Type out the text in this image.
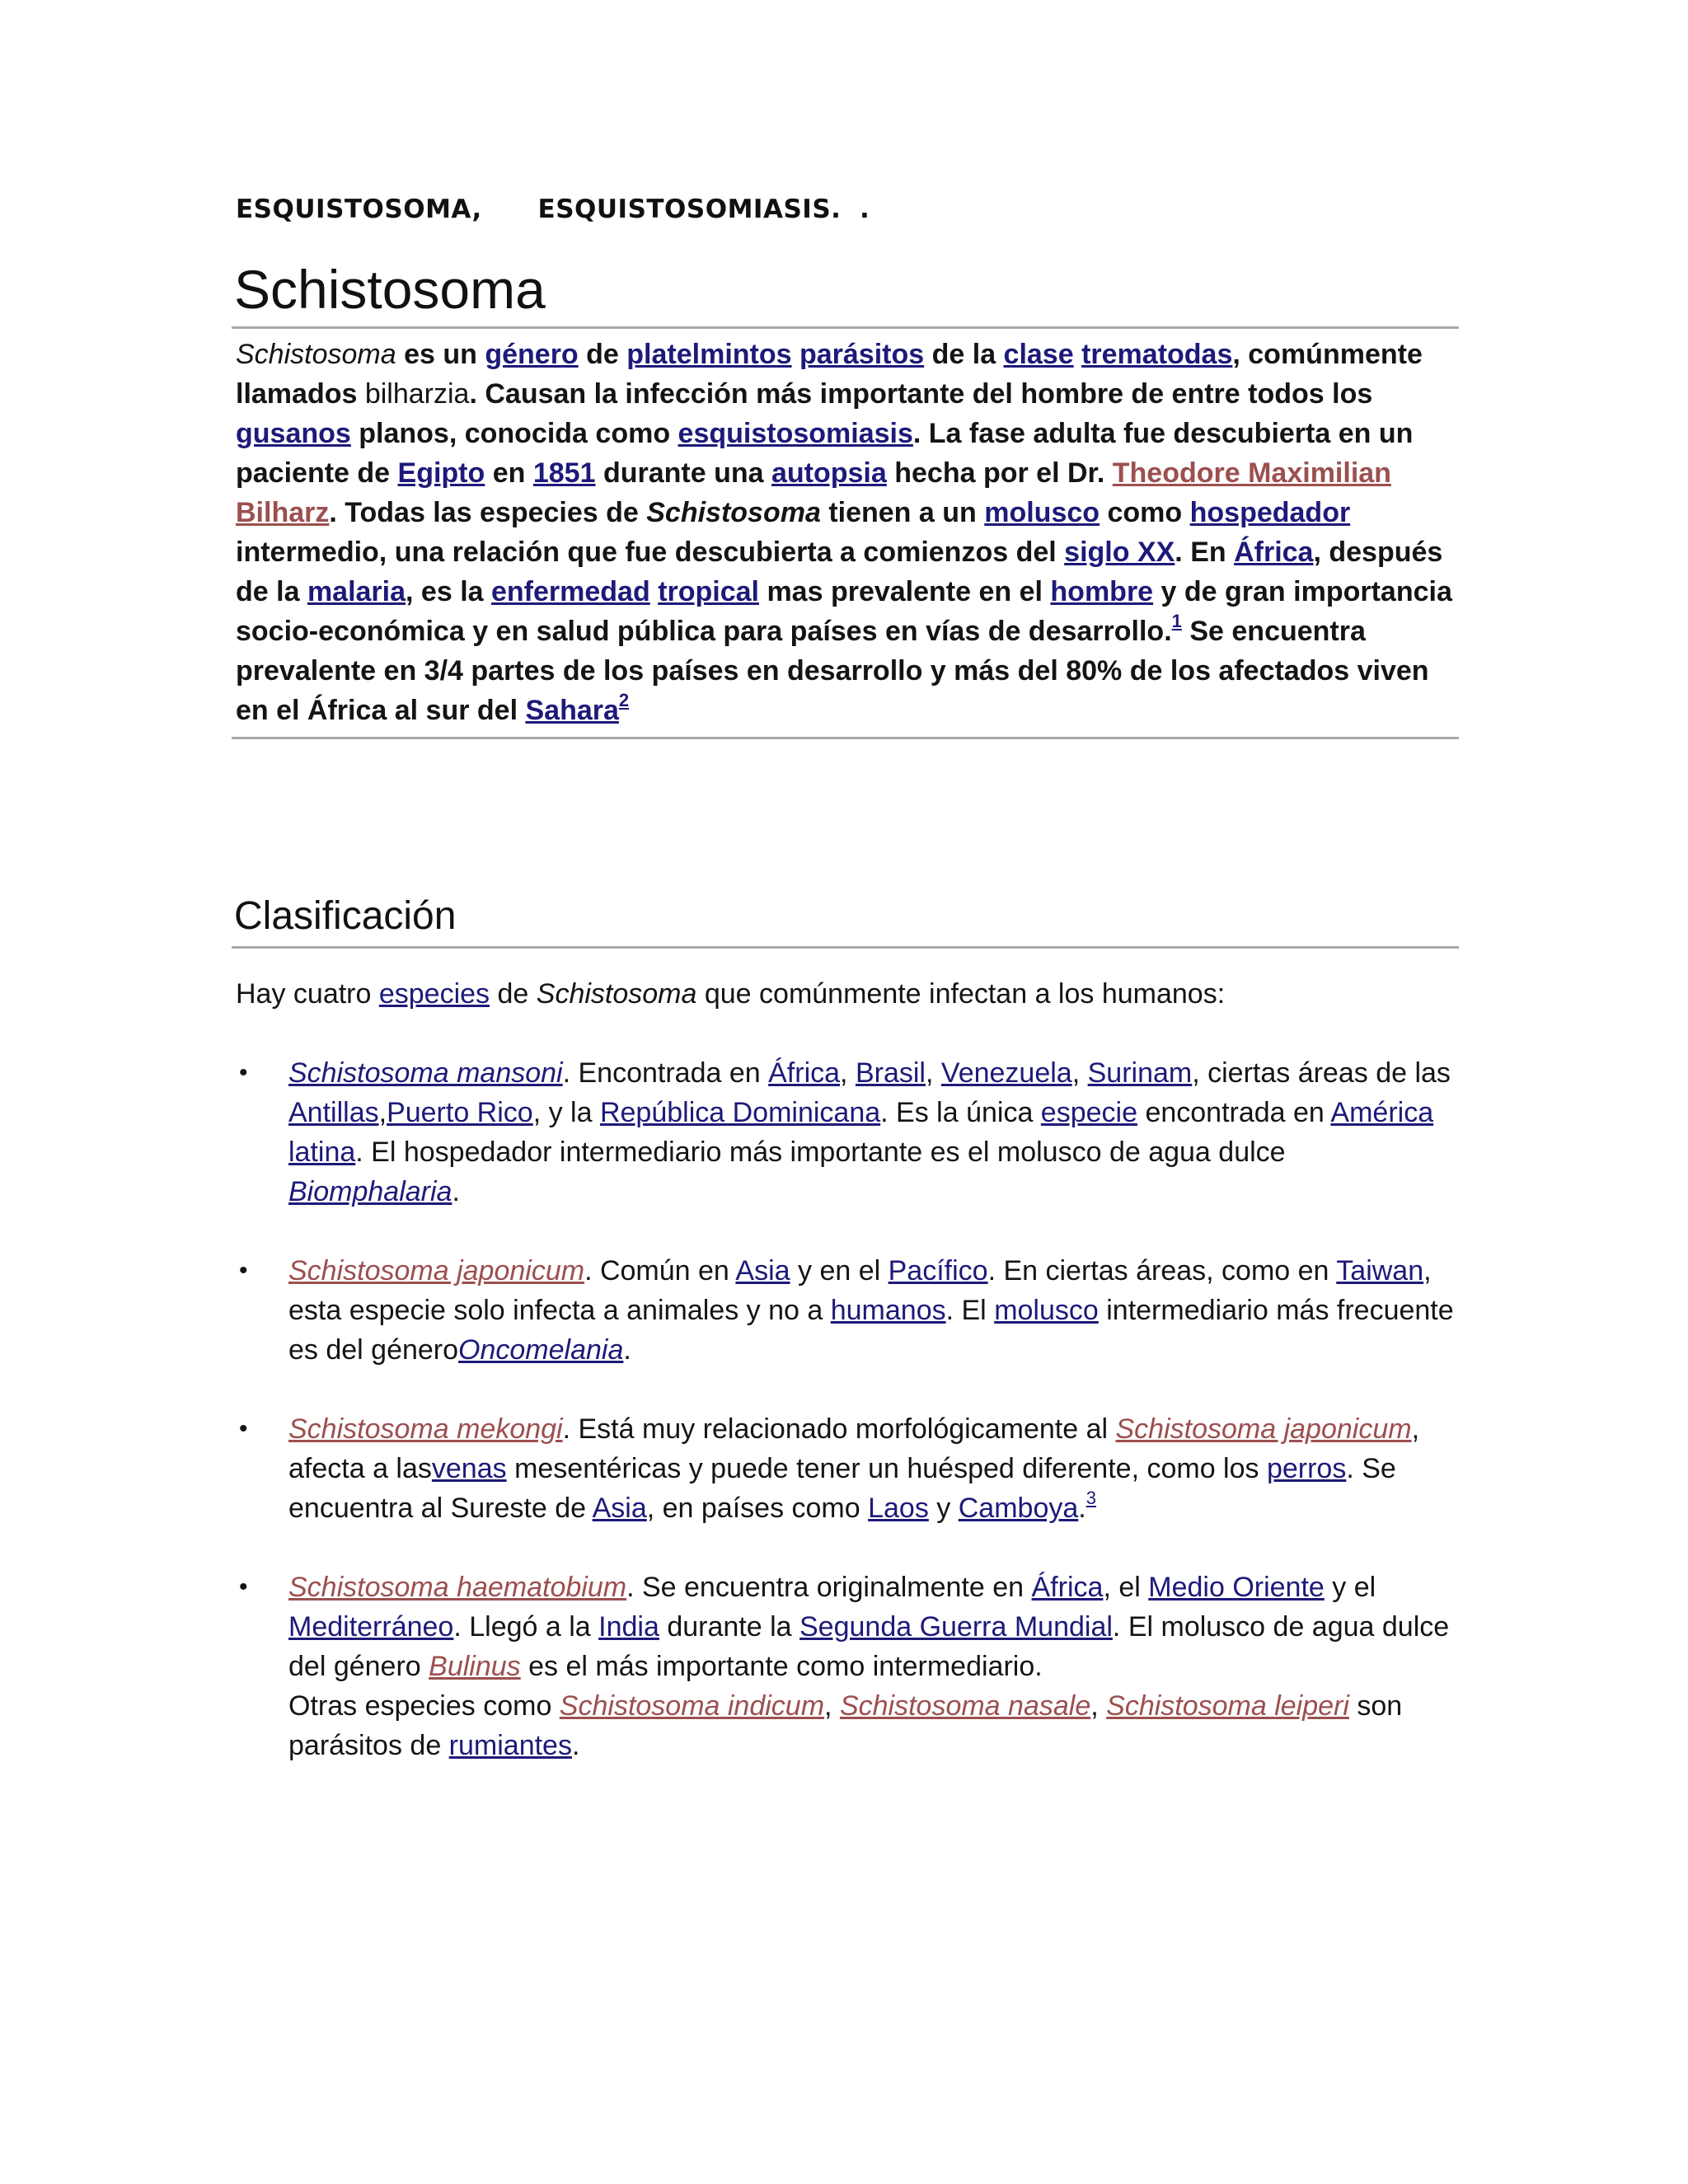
ESQUISTOSOMA,      ESQUISTOSOMIASIS.  .
Schistosoma

Schistosoma es un género de platelmintos parásitos de la clase trematodas, comúnmente llamados bilharzia. Causan la infección más importante del hombre de entre todos los gusanos planos, conocida como esquistosomiasis. La fase adulta fue descubierta en un paciente de Egipto en 1851 durante una autopsia hecha por el Dr. Theodore Maximilian Bilharz. Todas las especies de Schistosoma tienen a un molusco como hospedador intermedio, una relación que fue descubierta a comienzos del siglo XX. En África, después de la malaria, es la enfermedad tropical mas prevalente en el hombre y de gran importancia socio-económica y en salud pública para países en vías de desarrollo.$^1$ Se encuentra prevalente en 3/4 partes de los países en desarrollo y más del 80% de los afectados viven en el África al sur del Sahara$^2$

Clasificación

Hay cuatro especies de Schistosoma que comúnmente infectan a los humanos:

• Schistosoma mansoni. Encontrada en África, Brasil, Venezuela, Surinam, ciertas áreas de las Antillas,Puerto Rico, y la República Dominicana. Es la única especie encontrada en América latina. El hospedador intermediario más importante es el molusco de agua dulce Biomphalaria.
• Schistosoma japonicum. Común en Asia y en el Pacífico. En ciertas áreas, como en Taiwan, esta especie solo infecta a animales y no a humanos. El molusco intermediario más frecuente es del géneroOncomelania.
• Schistosoma mekongi. Está muy relacionado morfológicamente al Schistosoma japonicum, afecta a lasvenas mesentéricas y puede tener un huésped diferente, como los perros. Se encuentra al Sureste de Asia, en países como Laos y Camboya.$^3$
• Schistosoma haematobium. Se encuentra originalmente en África, el Medio Oriente y el Mediterráneo. Llegó a la India durante la Segunda Guerra Mundial. El molusco de agua dulce del género Bulinus es el más importante como intermediario.
Otras especies como Schistosoma indicum, Schistosoma nasale, Schistosoma leiperi son parásitos de rumiantes.
